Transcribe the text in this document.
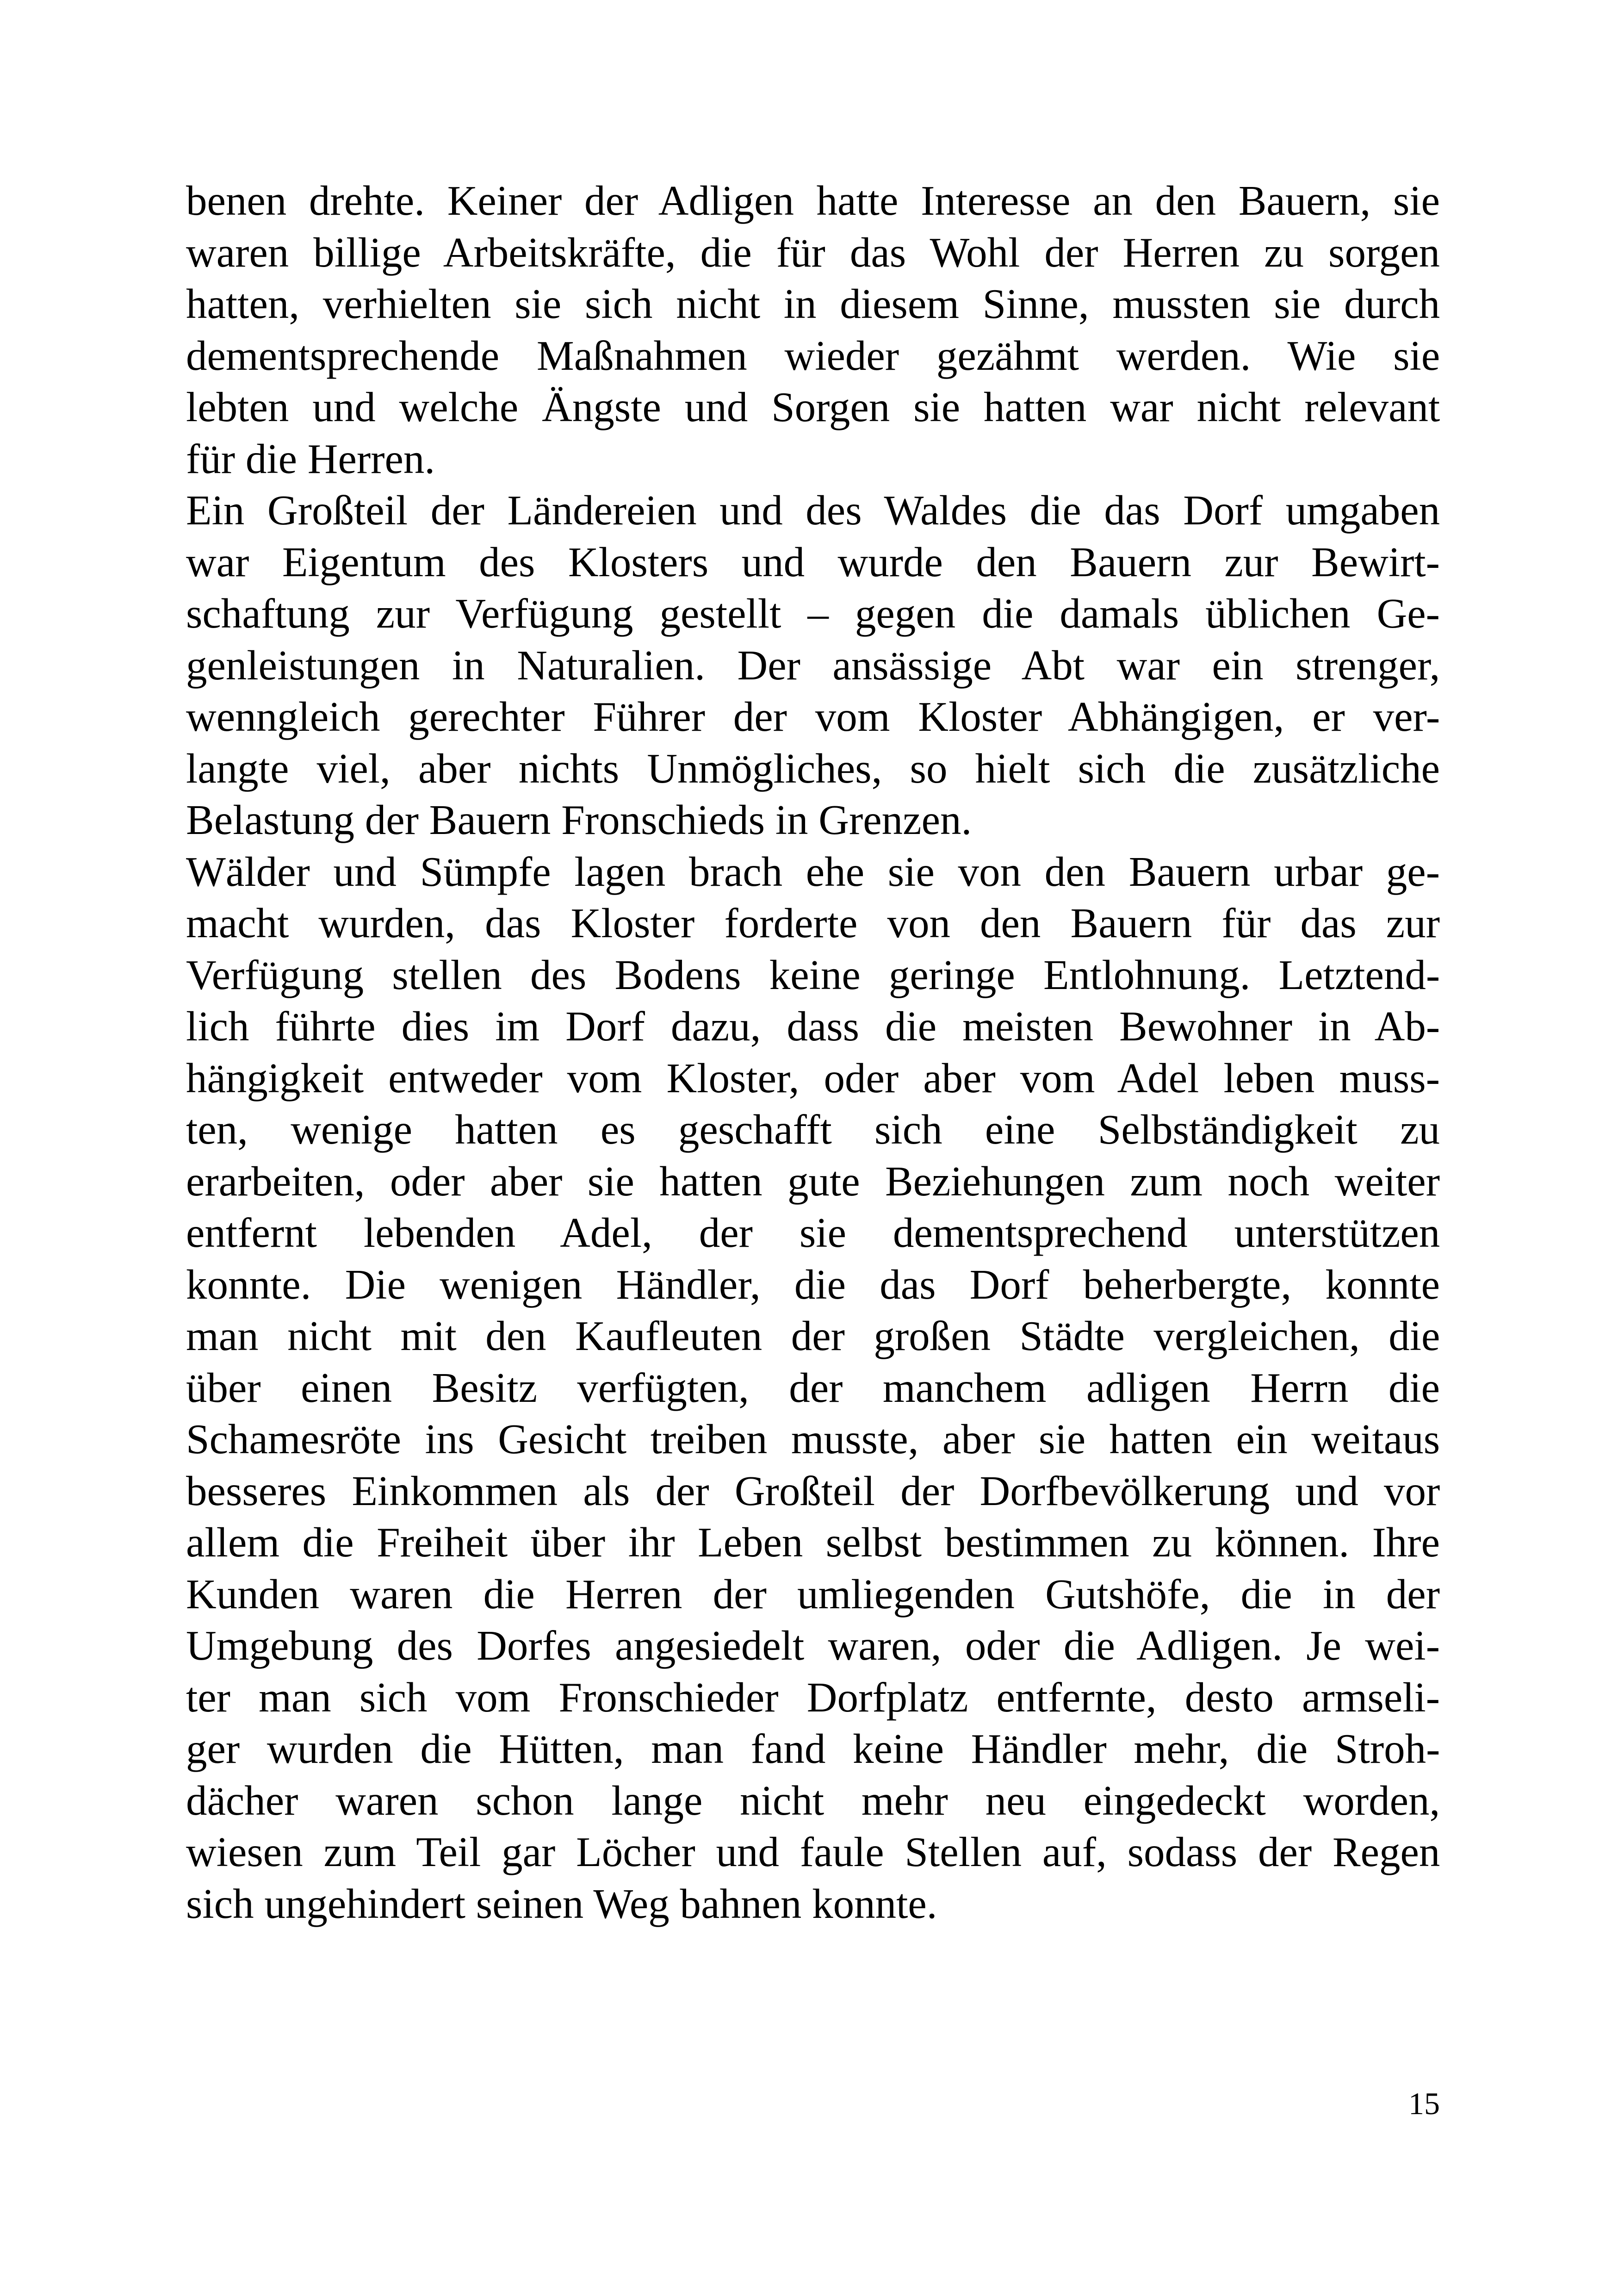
benen drehte. Keiner der Adligen hatte Interesse an den Bauern, sie
waren billige Arbeitskräfte, die für das Wohl der Herren zu sorgen
hatten, verhielten sie sich nicht in diesem Sinne, mussten sie durch
dementsprechende Maßnahmen wieder gezähmt werden. Wie sie
lebten und welche Ängste und Sorgen sie hatten war nicht relevant
für die Herren.
Ein Großteil der Ländereien und des Waldes die das Dorf umgaben
war Eigentum des Klosters und wurde den Bauern zur Bewirt-
schaftung zur Verfügung gestellt – gegen die damals üblichen Ge-
genleistungen in Naturalien. Der ansässige Abt war ein strenger,
wenngleich gerechter Führer der vom Kloster Abhängigen, er ver-
langte viel, aber nichts Unmögliches, so hielt sich die zusätzliche
Belastung der Bauern Fronschieds in Grenzen.
Wälder und Sümpfe lagen brach ehe sie von den Bauern urbar ge-
macht wurden, das Kloster forderte von den Bauern für das zur
Verfügung stellen des Bodens keine geringe Entlohnung. Letztend-
lich führte dies im Dorf dazu, dass die meisten Bewohner in Ab-
hängigkeit entweder vom Kloster, oder aber vom Adel leben muss-
ten, wenige hatten es geschafft sich eine Selbständigkeit zu
erarbeiten, oder aber sie hatten gute Beziehungen zum noch weiter
entfernt lebenden Adel, der sie dementsprechend unterstützen
konnte. Die wenigen Händler, die das Dorf beherbergte, konnte
man nicht mit den Kaufleuten der großen Städte vergleichen, die
über einen Besitz verfügten, der manchem adligen Herrn die
Schamesröte ins Gesicht treiben musste, aber sie hatten ein weitaus
besseres Einkommen als der Großteil der Dorfbevölkerung und vor
allem die Freiheit über ihr Leben selbst bestimmen zu können. Ihre
Kunden waren die Herren der umliegenden Gutshöfe, die in der
Umgebung des Dorfes angesiedelt waren, oder die Adligen. Je wei-
ter man sich vom Fronschieder Dorfplatz entfernte, desto armseli-
ger wurden die Hütten, man fand keine Händler mehr, die Stroh-
dächer waren schon lange nicht mehr neu eingedeckt worden,
wiesen zum Teil gar Löcher und faule Stellen auf, sodass der Regen
sich ungehindert seinen Weg bahnen konnte.
15
